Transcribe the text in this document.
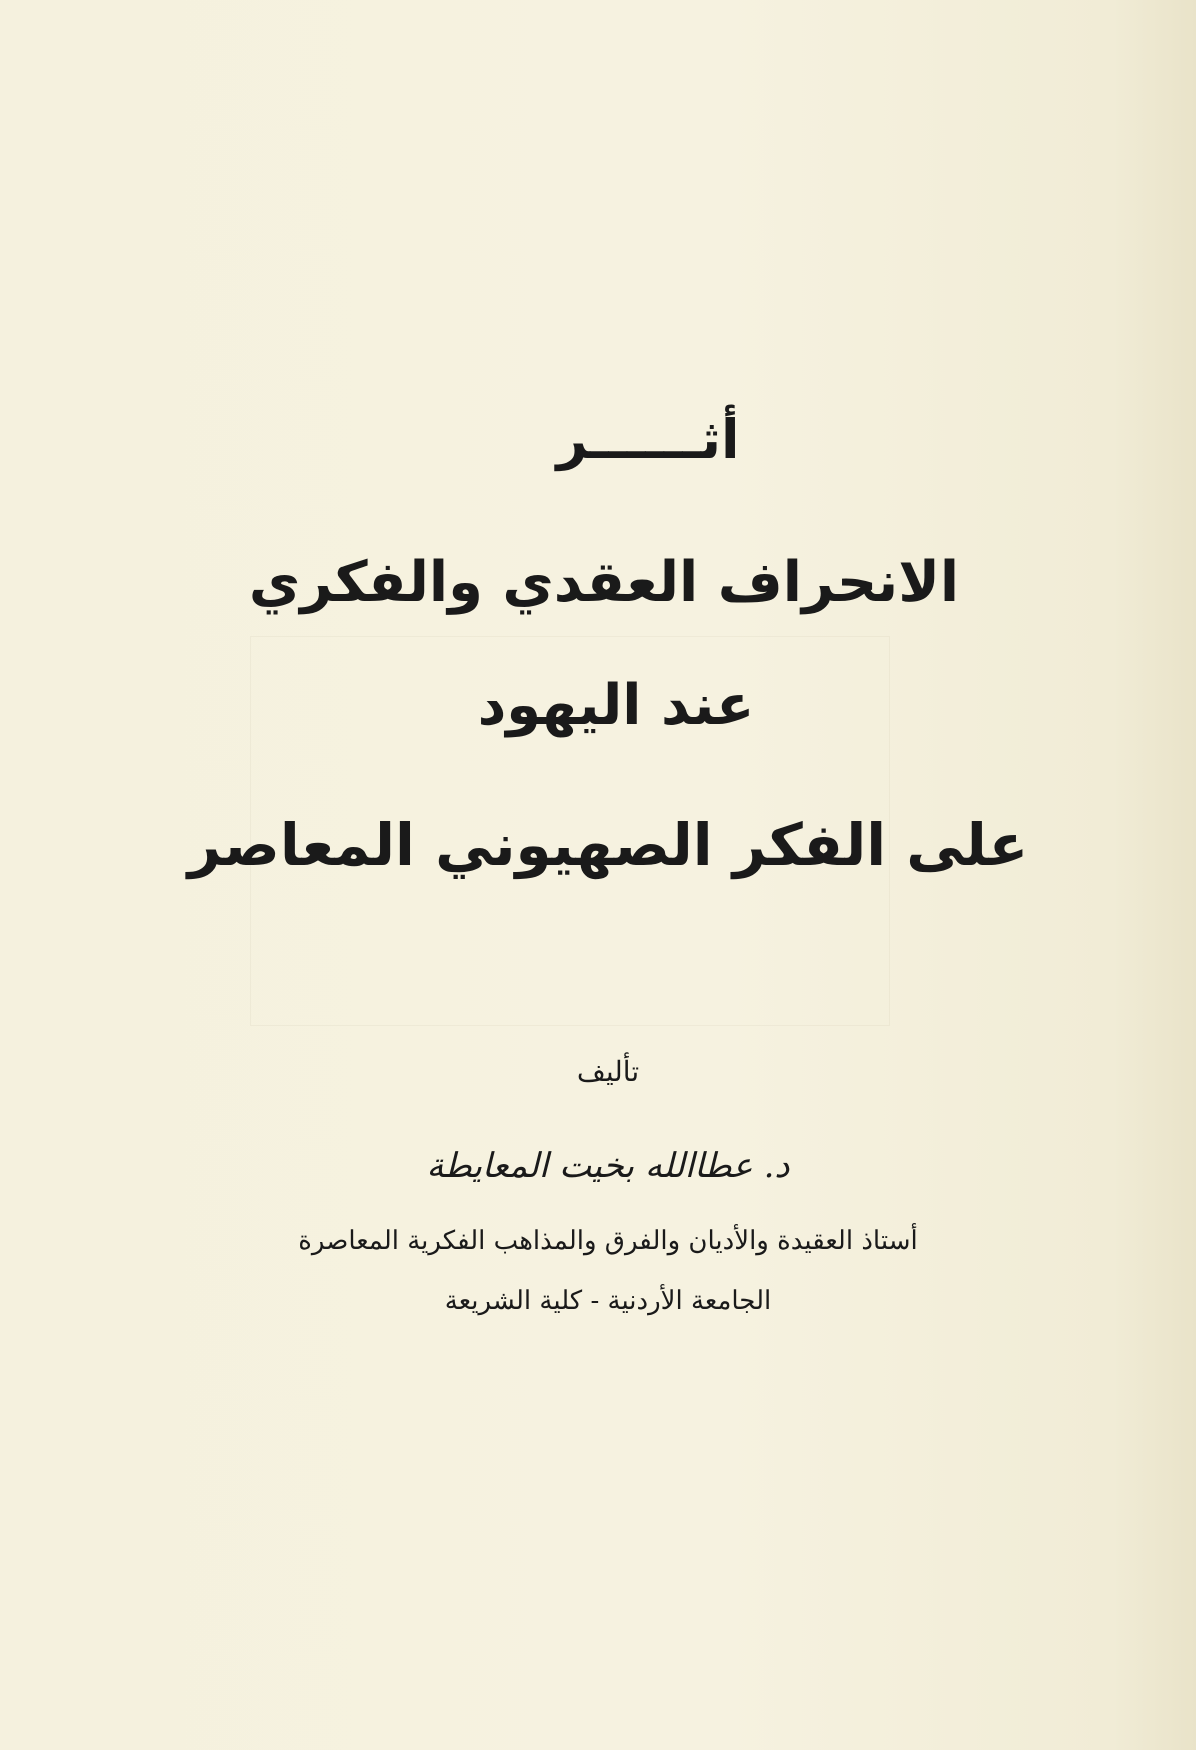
أثــــــر
الانحراف العقدي والفكري
عند اليهود
على الفكر الصهيوني المعاصر
تأليف
د. عطاالله بخيت المعايطة
أستاذ العقيدة والأديان والفرق والمذاهب الفكرية المعاصرة
الجامعة الأردنية - كلية الشريعة
